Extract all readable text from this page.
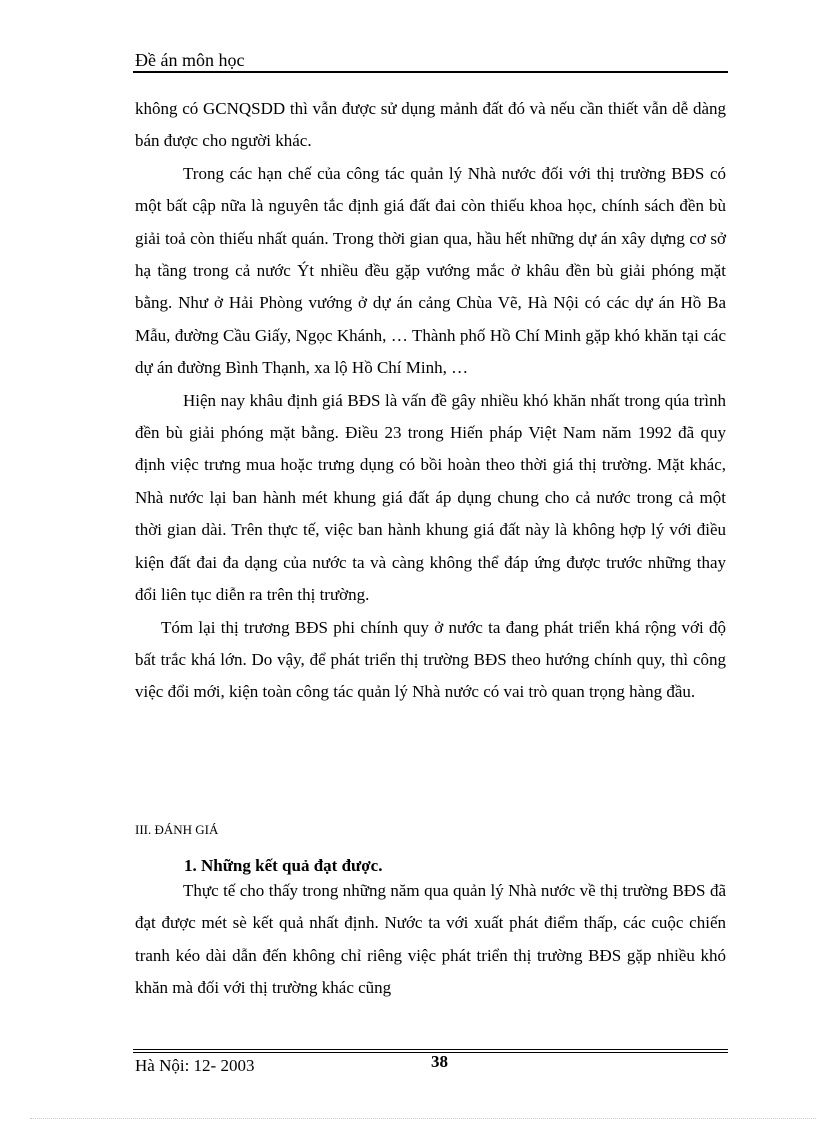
Đề án môn học

không có GCNQSDD thì vẫn được sử dụng mảnh đất đó và nếu cần thiết vẫn dễ dàng bán được cho người khác.

Trong các hạn chế của công tác quản lý Nhà nước đối với thị trường BĐS có một bất cập nữa là nguyên tắc định giá đất đai còn thiếu khoa học, chính sách đền bù giải toả còn thiếu nhất quán. Trong thời gian qua, hầu hết những dự án xây dựng cơ sở hạ tầng trong cả nước Ýt nhiều đều gặp vướng mắc ở khâu đền bù giải phóng mặt bằng. Như ở Hải Phòng vướng ở dự án cảng Chùa Vẽ, Hà Nội có các dự án Hồ Ba Mẫu, đường Cầu Giấy, Ngọc Khánh, … Thành phố Hồ Chí Minh gặp khó khăn tại các dự án đường Bình Thạnh, xa lộ Hồ Chí Minh, …

Hiện nay khâu định giá BĐS là vấn đề gây nhiều khó khăn nhất trong qúa trình đền bù giải phóng mặt bằng. Điều 23 trong Hiến pháp Việt Nam năm 1992 đã quy định việc trưng mua hoặc trưng dụng có bồi hoàn theo thời giá thị trường. Mặt khác, Nhà nước lại ban hành mét khung giá đất áp dụng chung cho cả nước trong cả một thời gian dài. Trên thực tế, việc ban hành khung giá đất này là không hợp lý với điều kiện đất đai đa dạng của nước ta và càng không thể đáp ứng được trước những thay đổi liên tục diễn ra trên thị trường.

Tóm lại thị trương BĐS phi chính quy ở nước ta đang phát triển khá rộng với độ bất trắc khá lớn. Do vậy, để phát triển thị trường BĐS theo hướng chính quy, thì công việc đổi mới, kiện toàn công tác quản lý Nhà nước có vai trò quan trọng hàng đầu.

III. ĐÁNH GIÁ
1. Những kết quả đạt được.

Thực tế cho thấy trong những năm qua quản lý Nhà nước về thị trường BĐS đã đạt được mét sè kết quả nhất định. Nước ta với xuất phát điểm thấp, các cuộc chiến tranh kéo dài dẫn đến không chỉ riêng việc phát triển thị trường BĐS gặp nhiều khó khăn mà đối với thị trường khác cũng

Hà Nội: 12- 2003	38
